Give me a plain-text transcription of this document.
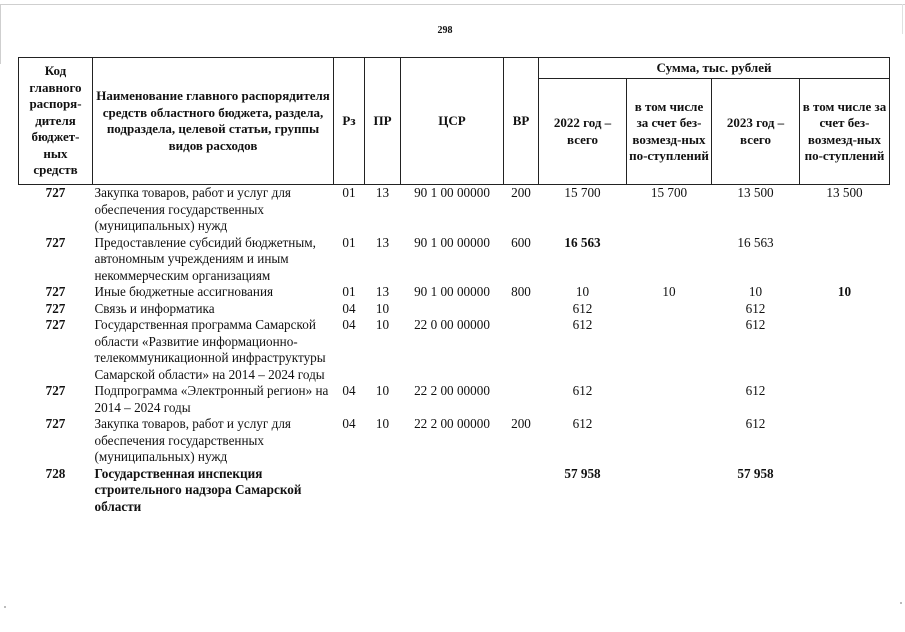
298
Код главного распоря-дителя бюджет-ных средств	Наименование главного распорядителя средств областного бюджета, раздела, подраздела, целевой статьи, группы видов расходов	Рз	ПР	ЦСР	ВР	Сумма, тыс. рублей			
						2022 год – всего	в том числе за счет без-возмезд-ных по-ступлений	2023 год – всего	в том числе за счет без-возмезд-ных по-ступлений
727	Закупка товаров, работ и услуг для обеспечения государственных (муниципальных) нужд	01	13	90 1 00 00000	200	15 700	15 700	13 500	13 500
727	Предоставление субсидий бюджетным, автономным учреждениям и иным некоммерческим организациям	01	13	90 1 00 00000	600	16 563		16 563	
727	Иные бюджетные ассигнования	01	13	90 1 00 00000	800	10	10	10	10
727	Связь и информатика	04	10			612		612	
727	Государственная программа Самарской области «Развитие информационно-телекоммуникационной инфраструктуры Самарской области» на 2014 – 2024 годы	04	10	22 0 00 00000		612		612	
727	Подпрограмма «Электронный регион» на 2014 – 2024 годы	04	10	22 2 00 00000		612		612	
727	Закупка товаров, работ и услуг для обеспечения государственных (муниципальных) нужд	04	10	22 2 00 00000	200	612		612	
728	Государственная инспекция строительного надзора Самарской области					57 958		57 958	
